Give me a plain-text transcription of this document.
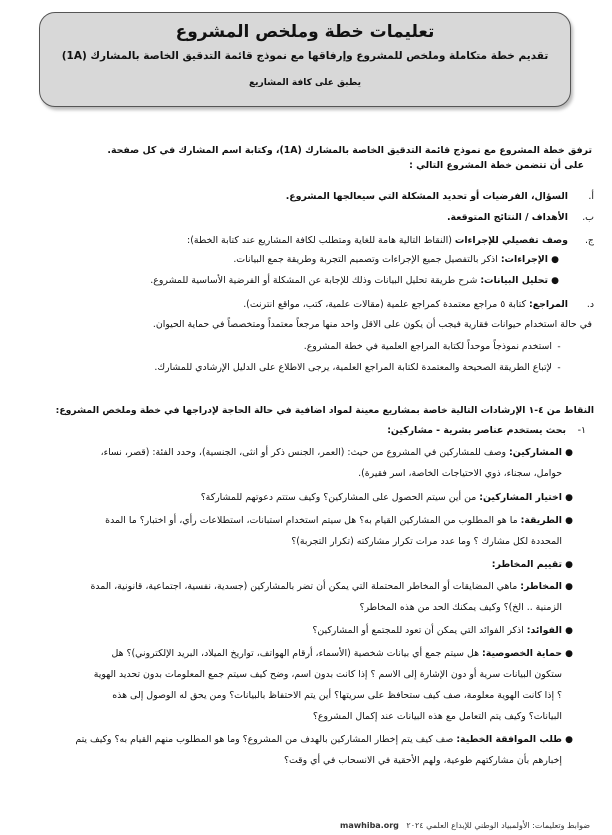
تعليمات خطة وملخص المشروع
تقديم خطة متكاملة وملخص للمشروع وإرفاقها مع نموذج قائمة التدقيق الخاصة بالمشارك (1A)
يطبق على كافة المشاريع
ترفق خطة المشروع مع نموذج قائمة التدقيق الخاصة بالمشارك (1A)، وكتابة اسم المشارك في كل صفحة.
على أن تتضمن خطة المشروع التالي :
أ.السؤال، الفرضيات أو تحديد المشكلة التي سيعالجها المشروع.
ب.الأهداف / النتائج المتوقعة.
ج.وصف تفصيلي للإجراءات (النقاط التالية هامة للغاية ومتطلب لكافة المشاريع عند كتابة الخطة):
●الإجراءات: اذكر بالتفصيل جميع الإجراءات وتصميم التجربة وطريقة جمع البيانات.
●تحليل البيانات: شرح طريقة تحليل البيانات وذلك للإجابة عن المشكلة أو الفرضية الأساسية للمشروع.
د.المراجع: كتابة ٥ مراجع معتمدة كمراجع علمية (مقالات علمية، كتب، مواقع انترنت).
في حالة استخدام حيوانات فقارية فيجب أن يكون على الاقل واحد منها مرجعاً معتمداً ومتخصصاً في حماية الحيوان.
-استخدم نموذجاً موحداً لكتابة المراجع العلمية في خطة المشروع.
-لإتباع الطريقة الصحيحة والمعتمدة لكتابة المراجع العلمية، يرجى الاطلاع على الدليل الإرشادي للمشارك.
النقاط من ٤-١ الإرشادات التالية خاصة بمشاريع معينة لمواد اضافية في حالة الحاجة لإدراجها في خطة وملخص المشروع:
١-بحث يستخدم عناصر بشرية - مشاركين:
●المشاركين: وصف للمشاركين في المشروع من حيث: (العمر، الجنس ذكر أو انثى، الجنسية)، وحدد الفئة: (قصر، نساء،
حوامل، سجناء، ذوي الاحتياجات الخاصة، اسر فقيرة).
●اختيار المشاركين: من أين سيتم الحصول على المشاركين؟ وكيف ستتم دعوتهم للمشاركة؟
●الطريقة: ما هو المطلوب من المشاركين القيام به؟ هل سيتم استخدام استبانات، استطلاعات رأي، أو اختبار؟ ما المدة
المحددة لكل مشارك ؟ وما عدد مرات تكرار مشاركته (تكرار التجربة)؟
●تقييم المخاطر:
●المخاطر: ماهي المضايقات أو المخاطر المحتملة التي يمكن أن تضر بالمشاركين (جسدية، نفسية، اجتماعية، قانونية، المدة
الزمنية .. الخ)؟ وكيف يمكنك الحد من هذه المخاطر؟
●الفوائد: اذكر الفوائد التي يمكن أن تعود للمجتمع أو المشاركين؟
●حماية الخصوصية: هل سيتم جمع أي بيانات شخصية (الأسماء، أرقام الهواتف، تواريخ الميلاد، البريد الإلكتروني)؟ هل
ستكون البيانات سرية أو دون الإشارة إلى الاسم ؟ إذا كانت بدون اسم، وضح كيف سيتم جمع المعلومات بدون تحديد الهوية
؟ إذا كانت الهوية معلومة، صف كيف ستحافظ على سريتها؟ أين يتم الاحتفاظ بالبيانات؟ ومن يحق له الوصول إلى هذه
البيانات؟ وكيف يتم التعامل مع هذه البيانات عند إكمال المشروع؟
●طلب الموافقة الخطية: صف كيف يتم إخطار المشاركين بالهدف من المشروع؟ وما هو المطلوب منهم القيام به؟ وكيف يتم
إخبارهم بأن مشاركتهم طوعية، ولهم الأحقية في الانسحاب في أي وقت؟
mawhiba.org ضوابط وتعليمات: الأولمبياد الوطني للإبداع العلمي ٢٠٢٤
